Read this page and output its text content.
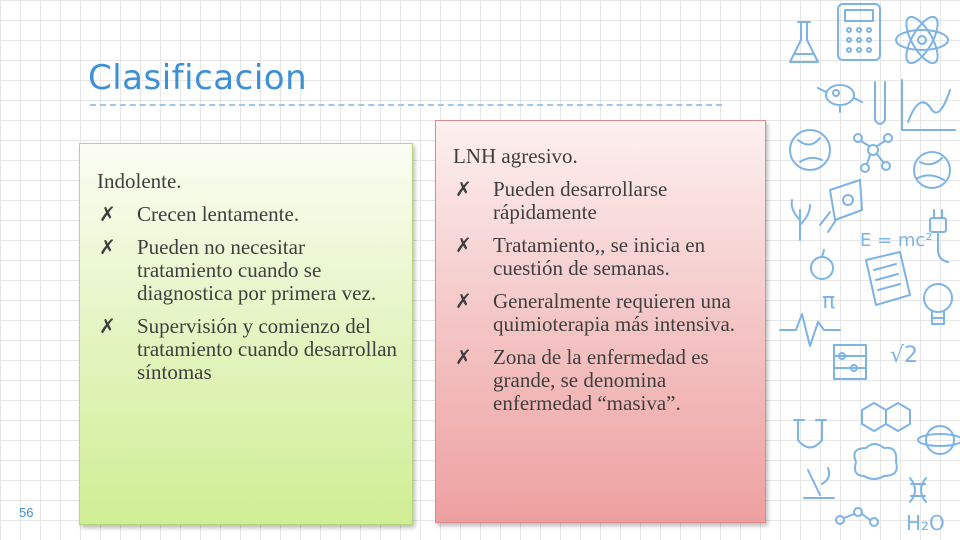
Clasificacion
Indolente.
✗ Crecen lentamente.
✗ Pueden no necesitar tratamiento cuando se diagnostica por primera vez.
✗ Supervisión y comienzo del tratamiento cuando desarrollan síntomas
LNH agresivo.
✗ Pueden desarrollarse rápidamente
✗ Tratamiento,, se inicia en cuestión de semanas.
✗ Generalmente requieren una quimioterapia más intensiva.
✗ Zona de la enfermedad es grande, se denomina enfermedad “masiva”.
56
E = mc²
π
√2
H₂O
